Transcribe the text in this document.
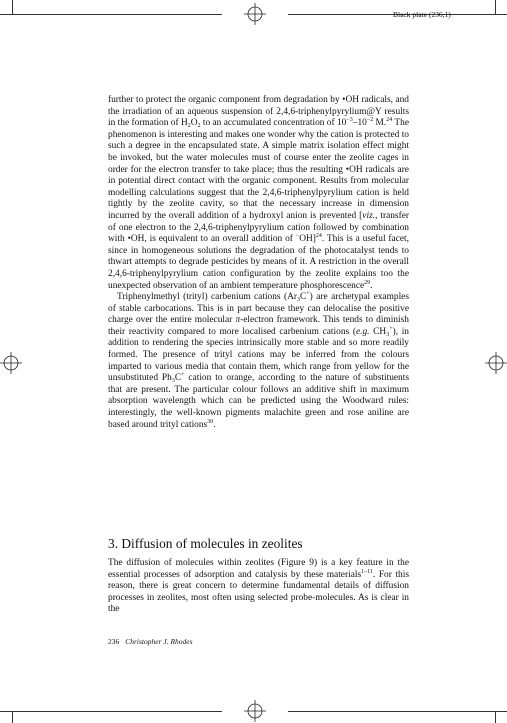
Black plate (236,1)

further to protect the organic component from degradation by •OH radicals, and the irradiation of an aqueous suspension of 2,4,6-triphenylpyrylium@Y results in the formation of $H_2O_2$ to an accumulated concentration of $10^{-3}-10^{-2}$ M.$^{24}$ The phenomenon is interesting and makes one wonder why the cation is protected to such a degree in the encapsulated state. A simple matrix isolation effect might be invoked, but the water molecules must of course enter the zeolite cages in order for the electron transfer to take place; thus the resulting •OH radicals are in potential direct contact with the organic component. Results from molecular modelling calculations suggest that the 2,4,6-triphenylpyrylium cation is held tightly by the zeolite cavity, so that the necessary increase in dimension incurred by the overall addition of a hydroxyl anion is prevented [viz., transfer of one electron to the 2,4,6-triphenylpyrylium cation followed by combination with •OH, is equivalent to an overall addition of −OH]$^{24}$. This is a useful facet, since in homogeneous solutions the degradation of the photocatalyst tends to thwart attempts to degrade pesticides by means of it. A restriction in the overall 2,4,6-triphenylpyrylium cation configuration by the zeolite explains too the unexpected observation of an ambient temperature phosphorescence$^{29}$.

Triphenylmethyl (trityl) carbenium cations $(Ar_3C^+)$ are archetypal examples of stable carbocations. This is in part because they can delocalise the positive charge over the entire molecular π-electron framework. This tends to diminish their reactivity compared to more localised carbenium cations (e.g. $CH_3^+$), in addition to rendering the species intrinsically more stable and so more readily formed. The presence of trityl cations may be inferred from the colours imparted to various media that contain them, which range from yellow for the unsubstituted $Ph_3C^+$ cation to orange, according to the nature of substituents that are present. The particular colour follows an additive shift in maximum absorption wavelength which can be predicted using the Woodward rules: interestingly, the well-known pigments malachite green and rose aniline are based around trityl cations$^{30}$.

3. Diffusion of molecules in zeolites

The diffusion of molecules within zeolites (Figure 9) is a key feature in the essential processes of adsorption and catalysis by these materials$^{1-11}$. For this reason, there is great concern to determine fundamental details of diffusion processes in zeolites, most often using selected probe-molecules. As is clear in the

236 Christopher J. Rhodes
